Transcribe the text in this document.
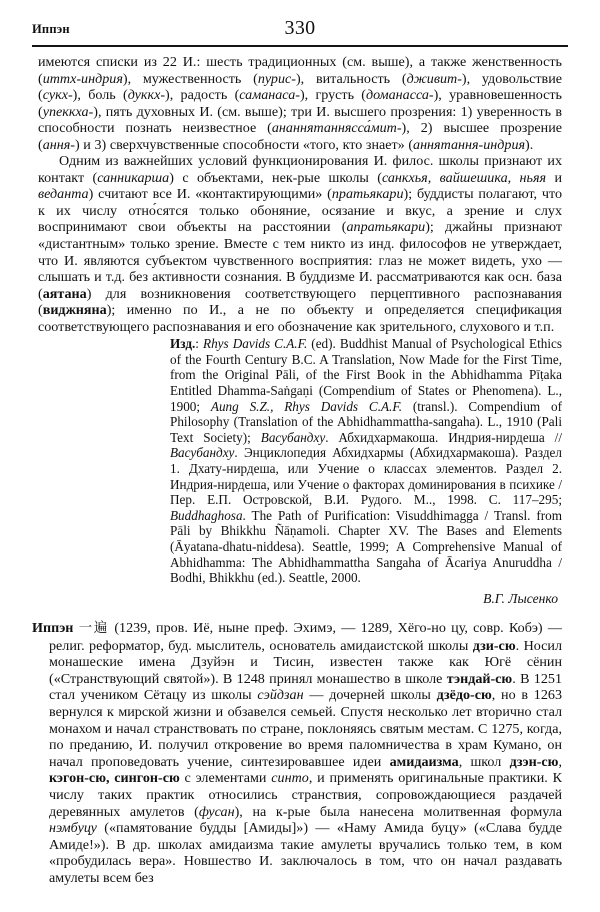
Иппэн	330

имеются списки из 22 И.: шесть традиционных (см. выше), а также женственность (иттх-индрия), мужественность (пурис-), витальность (дживит-), удовольствие (сукх-), боль (дуккх-), радость (саманаса-), грусть (доманасса-), уравновешенность (упеккха-), пять духовных И. (см. выше); три И. высшего прозрения: 1) уверенность в способности познать неизвестное (ананнятаннясса́мит-), 2) высшее прозрение (ання-) и 3) сверхчувственные способности «того, кто знает» (аннятання-индрия).

Одним из важнейших условий функционирования И. филос. школы признают их контакт (санникарша) с объектами, нек-рые школы (санкхья, вайшешика, ньяя и веданта) считают все И. «контактирующими» (пратьякари); буддисты полагают, что к их числу отно́сятся только обоняние, осязание и вкус, а зрение и слух воспринимают свои объекты на расстоянии (апратьякари); джайны признают «дистантным» только зрение. Вместе с тем никто из инд. философов не утверждает, что И. являются субъектом чувственного восприятия: глаз не может видеть, ухо — слышать и т.д. без активности сознания. В буддизме И. рассматриваются как осн. база (аятана) для возникновения соответствующего перцептивного распознавания (виджняна); именно по И., а не по объекту и определяется спецификация соответствующего распознавания и его обозначение как зрительного, слухового и т.п.

Изд.: Rhys Davids C.A.F. (ed). Buddhist Manual of Psychological Ethics of the Fourth Century B.C. A Translation, Now Made for the First Time, from the Original Pāli, of the First Book in the Abhidhamma Pīṭaka Entitled Dhamma-Saṅgaṇi (Compendium of States or Phenomena). L., 1900; Aung S.Z., Rhys Davids C.A.F. (transl.). Compendium of Philosophy (Translation of the Abhidhammattha-sangaha). L., 1910 (Pali Text Society); Васубандху. Абхидхармакоша. Индрия-нирдеша // Васубандху. Энциклопедия Абхидхармы (Абхидхармакоша). Раздел 1. Дхату-нирдеша, или Учение о классах элементов. Раздел 2. Индрия-нирдеша, или Учение о факторах доминирования в психике / Пер. Е.П. Островской, В.И. Рудого. М.., 1998. С. 117–295; Buddhaghosa. The Path of Purification: Visuddhimagga / Transl. from Pāli by Bhikkhu Ñāṇamoli. Chapter XV. The Bases and Elements (Āyatana-dhatu-niddesa). Seattle, 1999; A Comprehensive Manual of Abhidhamma: The Abhidhammattha Sangaha of Ācariya Anuruddha / Bodhi, Bhikkhu (ed.). Seattle, 2000.

В.Г. Лысенко

Иппэн 一遍 (1239, пров. Иё, ныне преф. Эхимэ, — 1289, Хёго-но цу, совр. Кобэ) — религ. реформатор, буд. мыслитель, основатель амидаистской школы дзи-сю. Носил монашеские имена Дзуйэн и Тисин, известен также как Югё сёнин («Странствующий святой»). В 1248 принял монашество в школе тэндай-сю. В 1251 стал учеником Сётацу из школы сэйдзан — дочерней школы дзёдо-сю, но в 1263 вернулся к мирской жизни и обзавелся семьей. Спустя несколько лет вторично стал монахом и начал странствовать по стране, поклоняясь святым местам. С 1275, когда, по преданию, И. получил откровение во время паломничества в храм Кумано, он начал проповедовать учение, синтезировавшее идеи амидаизма, школ дзэн-сю, кэгон-сю, сингон-сю с элементами синто, и применять оригинальные практики. К числу таких практик относились странствия, сопровождающиеся раздачей деревянных амулетов (фусан), на к-рые была нанесена молитвенная формула нэмбуцу («памятование будды [Амиды]») — «Наму Амида буцу» («Слава будде Амиде!»). В др. школах амидаизма такие амулеты вручались только тем, в ком «пробудилась вера». Новшество И. заключалось в том, что он начал раздавать амулеты всем без
